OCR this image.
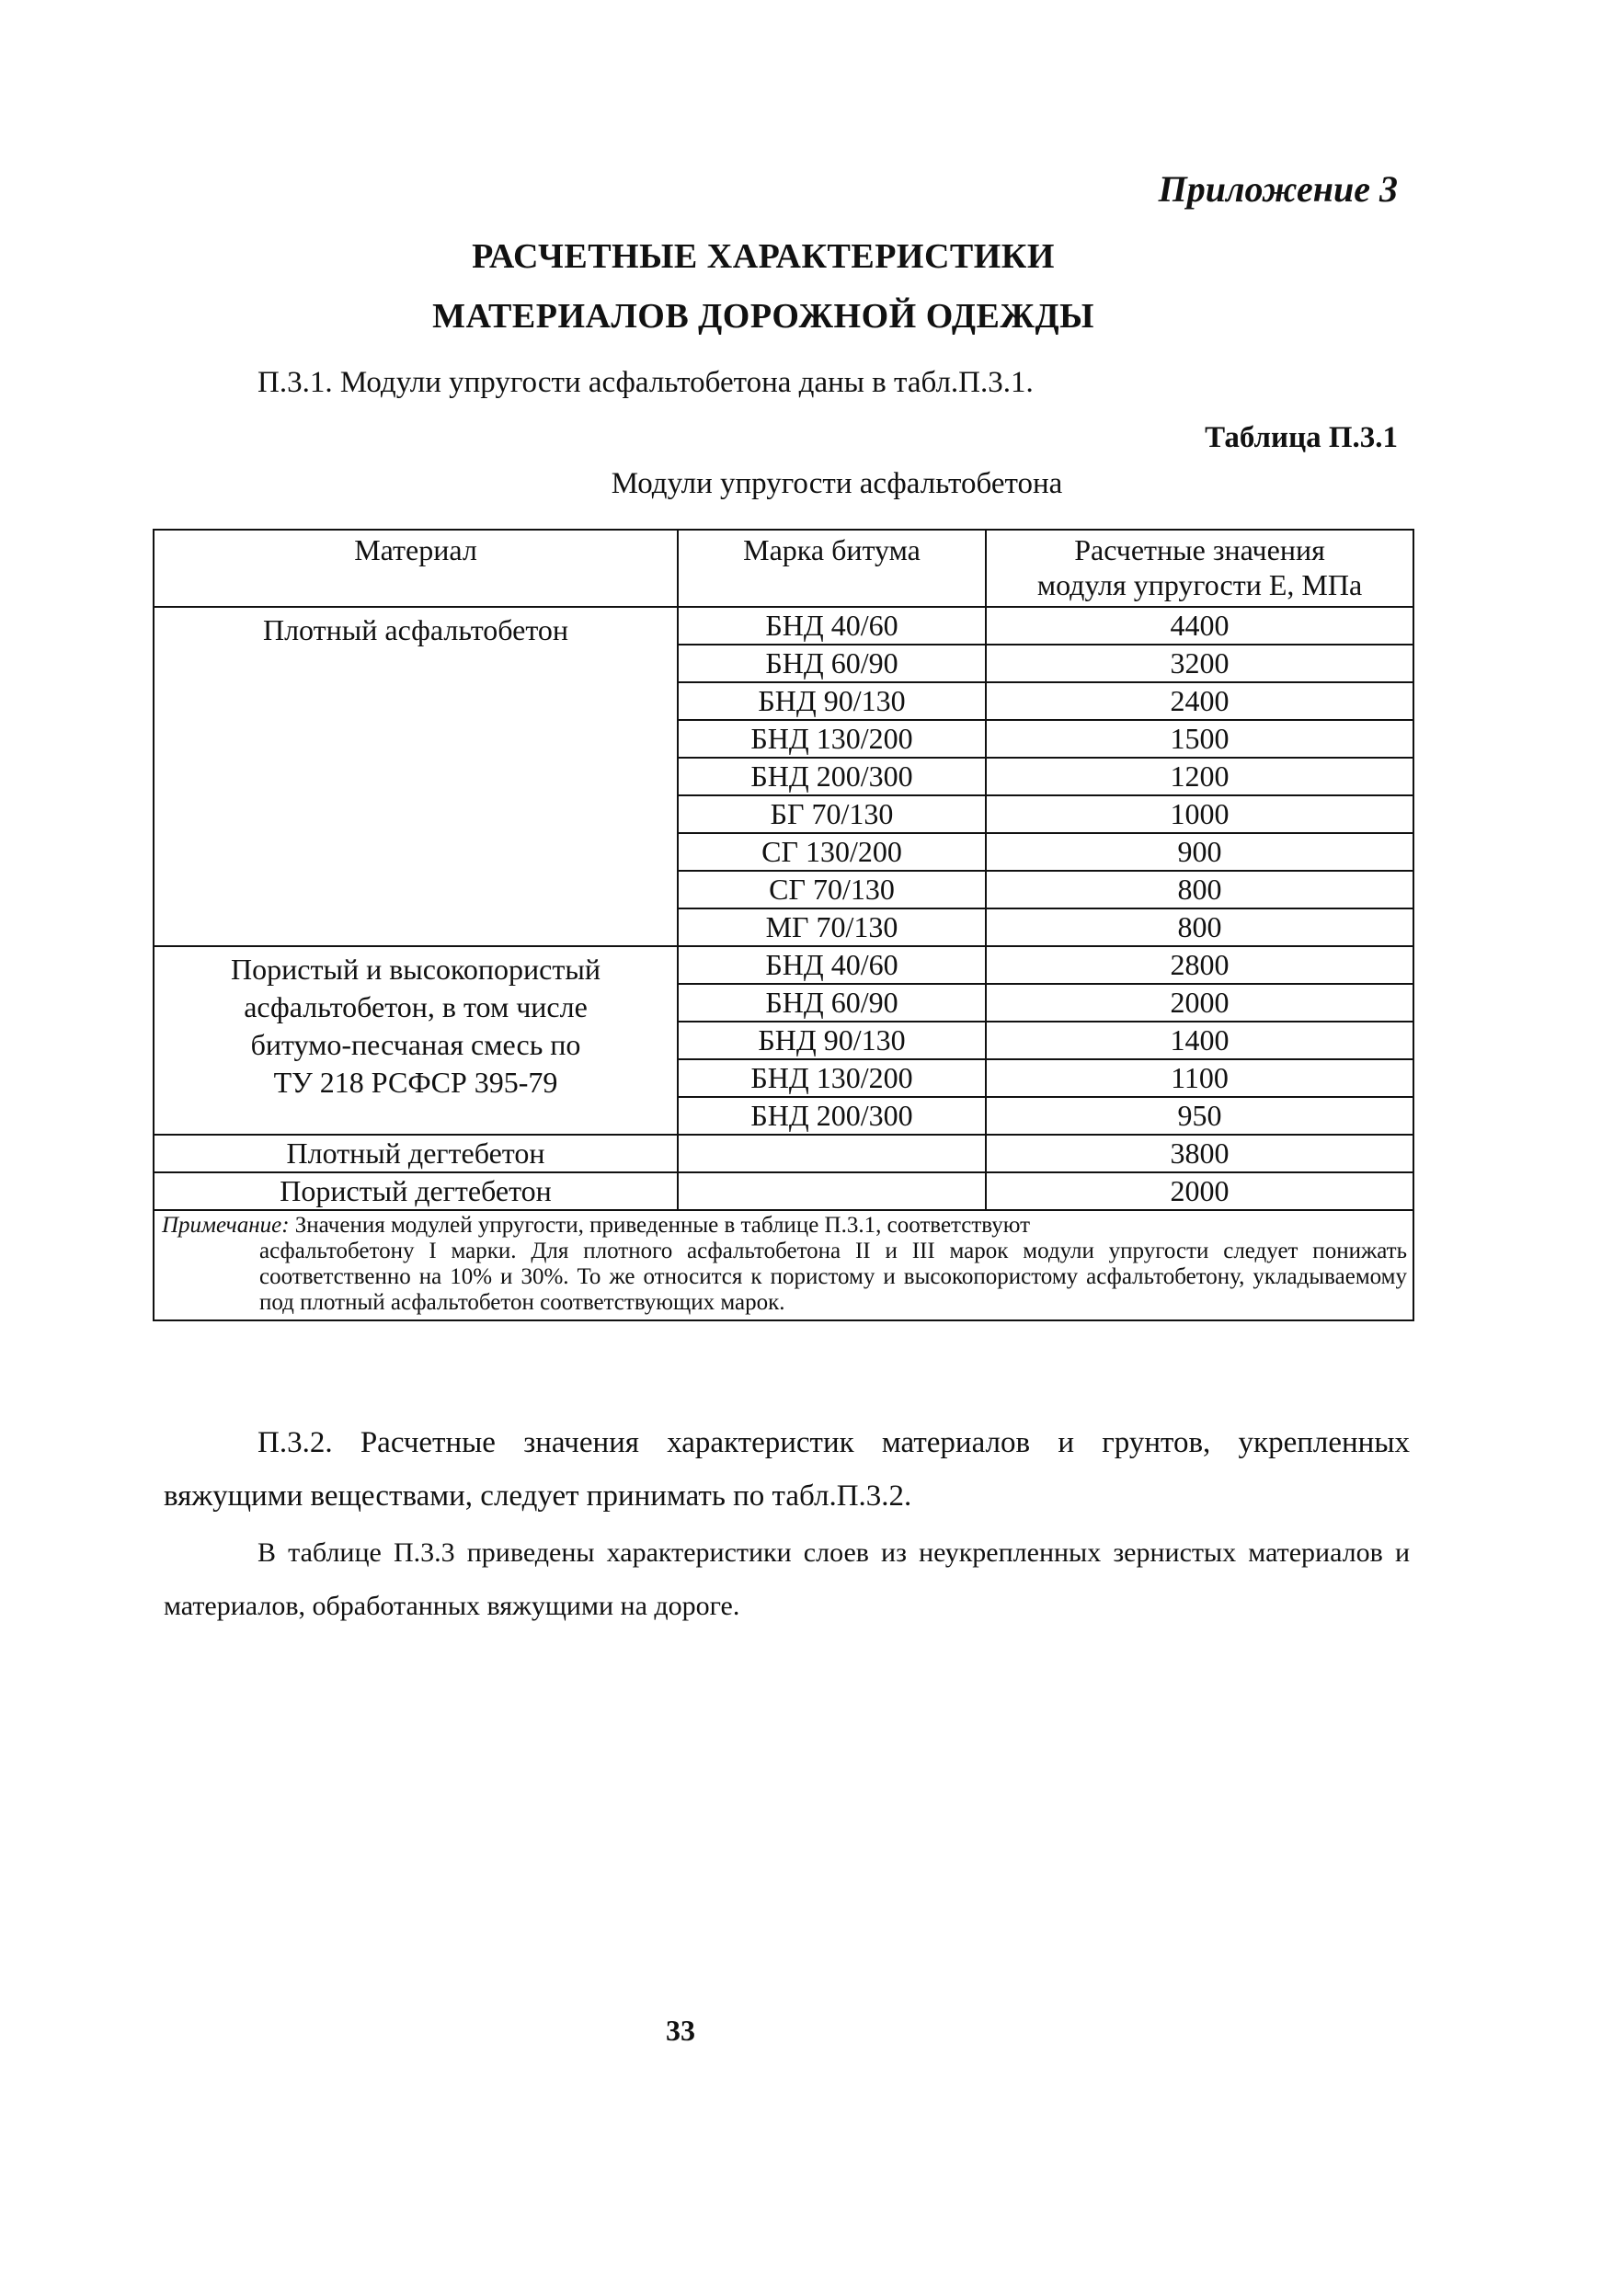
Приложение 3
РАСЧЕТНЫЕ ХАРАКТЕРИСТИКИ
МАТЕРИАЛОВ ДОРОЖНОЙ ОДЕЖДЫ
П.3.1. Модули упругости асфальтобетона даны в табл.П.3.1.
Таблица П.3.1
Модули упругости асфальтобетона
Материал	Марка битума	Расчетные значения
модуля упругости Е, МПа

Плотный асфальтобетон	БНД 40/60	4400
	БНД 60/90	3200
	БНД 90/130	2400
	БНД 130/200	1500
	БНД 200/300	1200
	БГ 70/130	1000
	СГ 130/200	900
	СГ 70/130	800
	МГ 70/130	800

Пористый и высокопористый
асфальтобетон, в том числе
битумо-песчаная смесь по
ТУ 218 РСФСР 395-79	БНД 40/60	2800
	БНД 60/90	2000
	БНД 90/130	1400
	БНД 130/200	1100
	БНД 200/300	950
Плотный дегтебетон		3800
Пористый дегтебетон		2000
Примечание: Значения модулей упругости, приведенные в таблице П.3.1, соответствуют
асфальтобетону I марки. Для плотного асфальтобетона II и III марок модули упругости следует понижать соответственно на 10% и 30%. То же относится к пористому и высокопористому асфальтобетону, укладываемому под плотный асфальтобетон соответствующих марок.		
П.3.2. Расчетные значения характеристик материалов и грунтов, укрепленных вяжущими веществами, следует принимать по табл.П.3.2.
В таблице П.3.3 приведены характеристики слоев из неукрепленных зернистых материалов и материалов, обработанных вяжущими на дороге.
33
